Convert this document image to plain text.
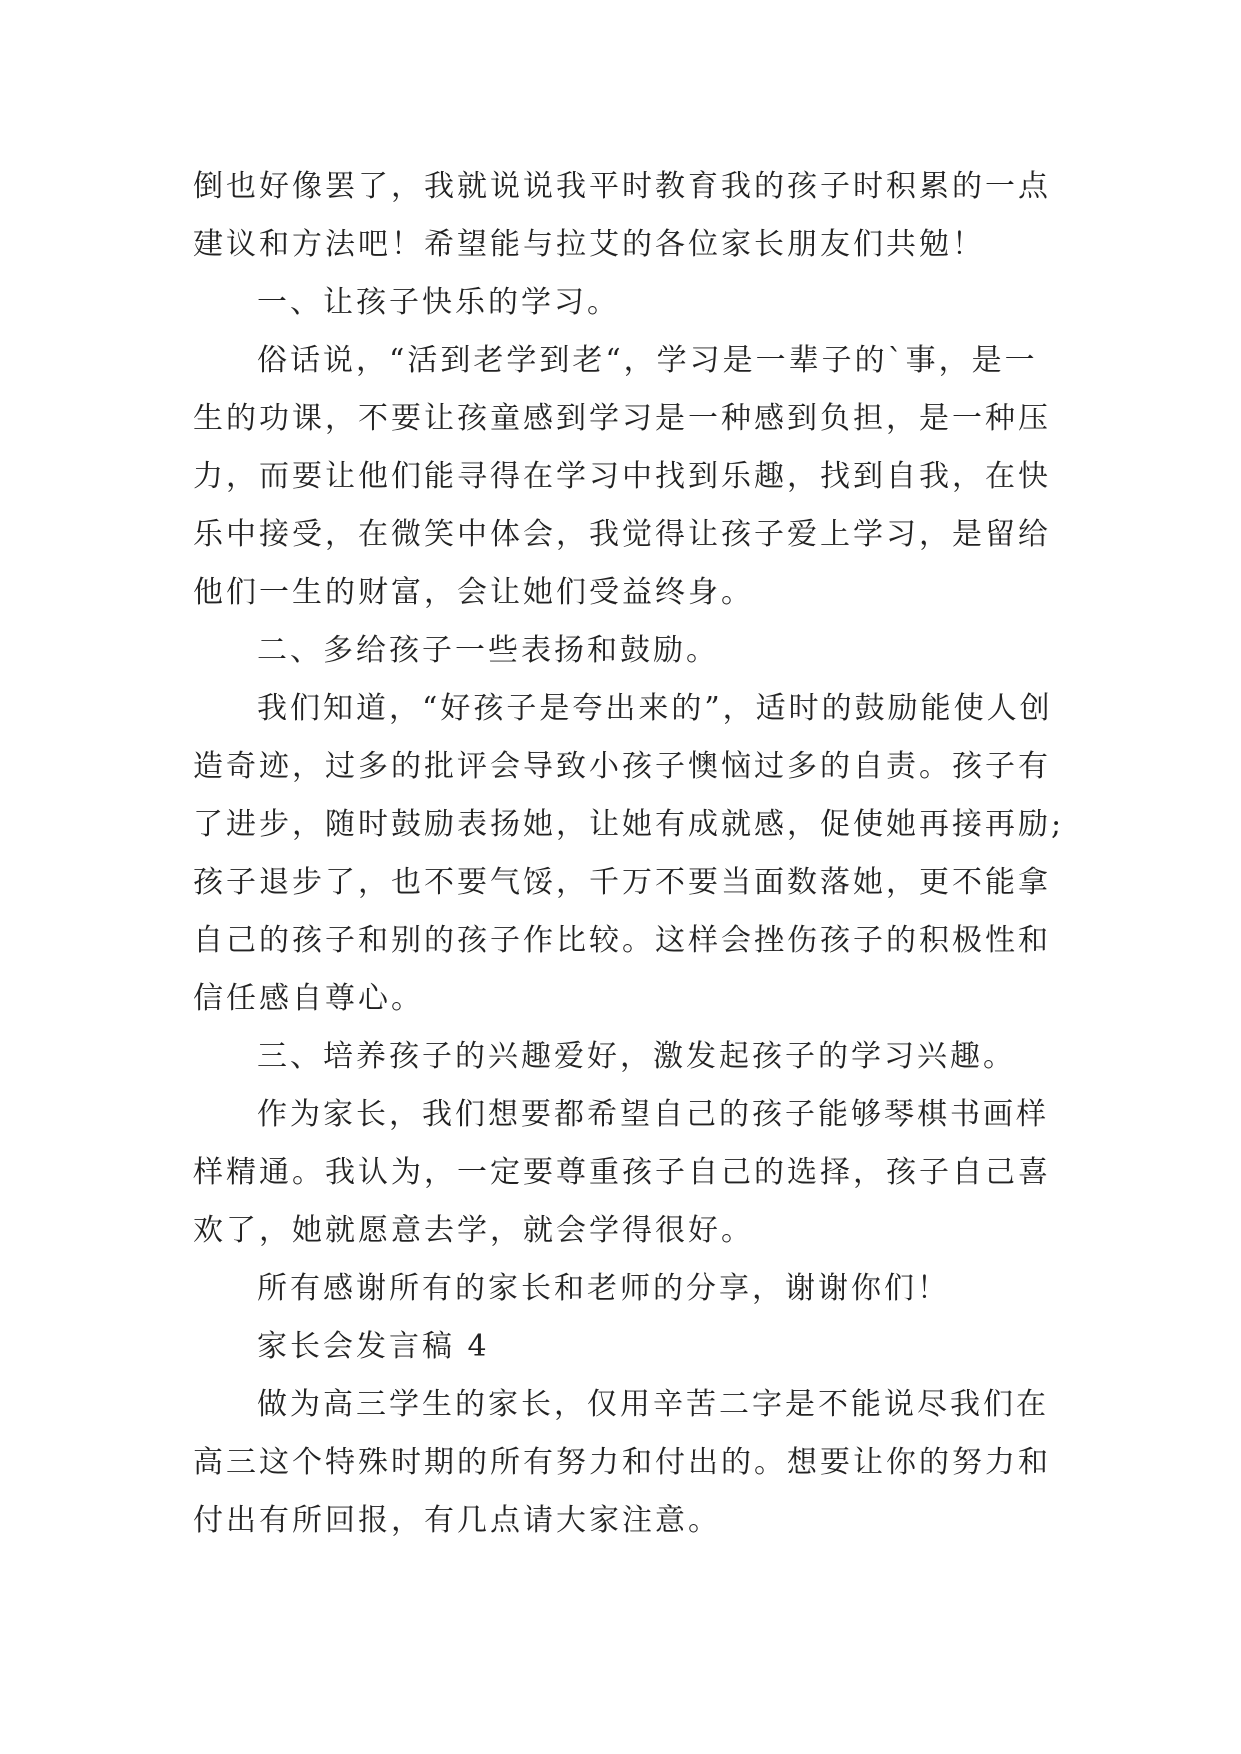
倒也好像罢了，我就说说我平时教育我的孩子时积累的一点

建议和方法吧！希望能与拉艾的各位家长朋友们共勉！

一、让孩子快乐的学习。

俗话说，“活到老学到老“，学习是一辈子的`事，是一

生的功课，不要让孩童感到学习是一种感到负担，是一种压

力，而要让他们能寻得在学习中找到乐趣，找到自我，在快

乐中接受，在微笑中体会，我觉得让孩子爱上学习，是留给

他们一生的财富，会让她们受益终身。

二、多给孩子一些表扬和鼓励。

我们知道，“好孩子是夸出来的”，适时的鼓励能使人创

造奇迹，过多的批评会导致小孩子懊恼过多的自责。孩子有

了进步，随时鼓励表扬她，让她有成就感，促使她再接再励;

孩子退步了，也不要气馁，千万不要当面数落她，更不能拿

自己的孩子和别的孩子作比较。这样会挫伤孩子的积极性和

信任感自尊心。

三、培养孩子的兴趣爱好，激发起孩子的学习兴趣。

作为家长，我们想要都希望自己的孩子能够琴棋书画样

样精通。我认为，一定要尊重孩子自己的选择，孩子自己喜

欢了，她就愿意去学，就会学得很好。

所有感谢所有的家长和老师的分享，谢谢你们！

家长会发言稿 4

做为高三学生的家长，仅用辛苦二字是不能说尽我们在

高三这个特殊时期的所有努力和付出的。想要让你的努力和

付出有所回报，有几点请大家注意。
